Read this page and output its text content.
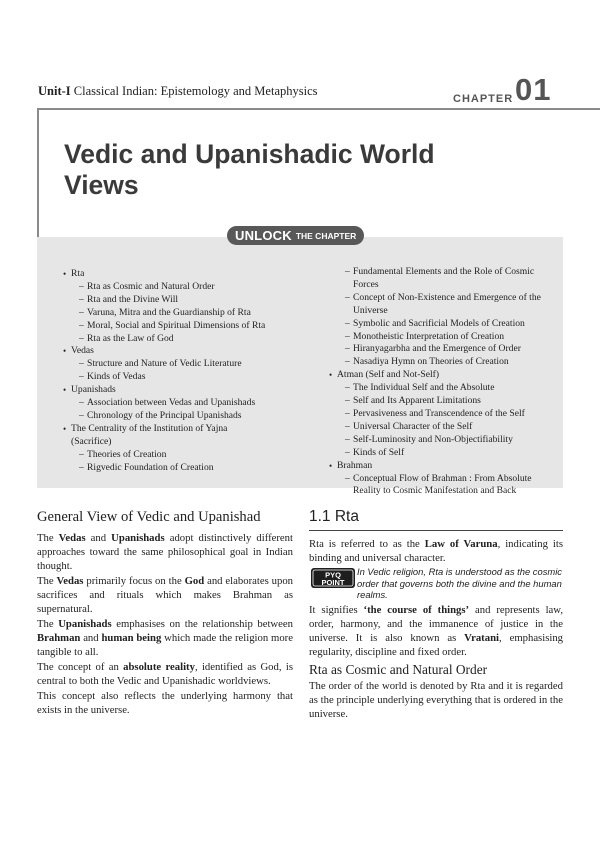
Unit-I Classical Indian: Epistemology and Metaphysics
CHAPTER 01
Vedic and Upanishadic World
Views
• Rta
– Rta as Cosmic and Natural Order
– Rta and the Divine Will
– Varuna, Mitra and the Guardianship of Rta
– Moral, Social and Spiritual Dimensions of Rta
– Rta as the Law of God
• Vedas
– Structure and Nature of Vedic Literature
– Kinds of Vedas
• Upanishads
– Association between Vedas and Upanishads
– Chronology of the Principal Upanishads
• The Centrality of the Institution of Yajna
(Sacrifice)
– Theories of Creation
– Rigvedic Foundation of Creation
– Fundamental Elements and the Role of Cosmic Forces
– Concept of Non-Existence and Emergence of the
Universe
– Symbolic and Sacrificial Models of Creation
– Monotheistic Interpretation of Creation
– Hiranyagarbha and the Emergence of Order
– Nasadiya Hymn on Theories of Creation
• Atman (Self and Not-Self)
– The Individual Self and the Absolute
– Self and Its Apparent Limitations
– Pervasiveness and Transcendence of the Self
– Universal Character of the Self
– Self-Luminosity and Non-Objectifiability
– Kinds of Self
• Brahman
– Conceptual Flow of Brahman : From Absolute
Reality to Cosmic Manifestation and Back
UNLOCK THE CHAPTER
General View of Vedic and Upanishad
The Vedas and Upanishads adopt distinctively different approaches toward the same philosophical goal in Indian thought.
The Vedas primarily focus on the God and elaborates upon sacrifices and rituals which makes Brahman as supernatural.
The Upanishads emphasises on the relationship between Brahman and human being which made the religion more tangible to all.
The concept of an absolute reality, identified as God, is central to both the Vedic and Upanishadic worldviews.
This concept also reflects the underlying harmony that exists in the universe.
1.1 Rta
Rta is referred to as the Law of Varuna, indicating its binding and universal character.
PYQ
POINT
In Vedic religion, Rta is understood as the cosmic order that governs both the divine and the human realms.
It signifies ‘the course of things’ and represents law, order, harmony, and the immanence of justice in the universe. It is also known as Vratani, emphasising regularity, discipline and fixed order.
Rta as Cosmic and Natural Order
The order of the world is denoted by Rta and it is regarded as the principle underlying everything that is ordered in the universe.
